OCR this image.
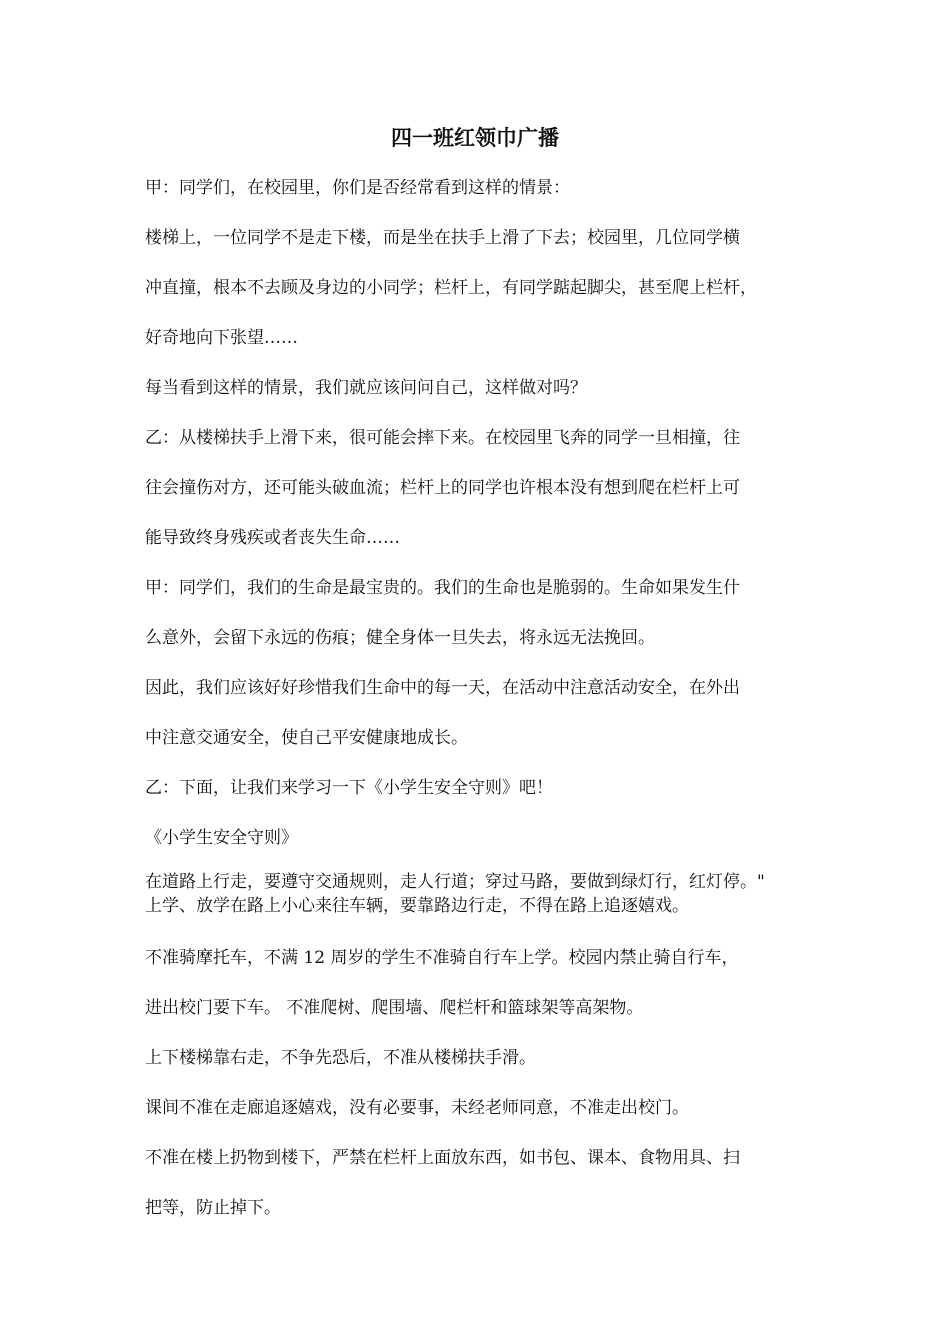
四一班红领巾广播
甲：同学们，在校园里，你们是否经常看到这样的情景：
楼梯上，一位同学不是走下楼，而是坐在扶手上滑了下去；校园里，几位同学横
冲直撞，根本不去顾及身边的小同学；栏杆上，有同学踮起脚尖，甚至爬上栏杆，
好奇地向下张望……
每当看到这样的情景，我们就应该问问自己，这样做对吗？
乙：从楼梯扶手上滑下来，很可能会摔下来。在校园里飞奔的同学一旦相撞，往
往会撞伤对方，还可能头破血流；栏杆上的同学也许根本没有想到爬在栏杆上可
能导致终身残疾或者丧失生命……
甲：同学们，我们的生命是最宝贵的。我们的生命也是脆弱的。生命如果发生什
么意外，会留下永远的伤痕；健全身体一旦失去，将永远无法挽回。
因此，我们应该好好珍惜我们生命中的每一天，在活动中注意活动安全，在外出
中注意交通安全，使自己平安健康地成长。
乙：下面，让我们来学习一下《小学生安全守则》吧！
《小学生安全守则》
在道路上行走，要遵守交通规则，走人行道；穿过马路，要做到绿灯行，红灯停。"
上学、放学在路上小心来往车辆，要靠路边行走，不得在路上追逐嬉戏。
不准骑摩托车，不满 12 周岁的学生不准骑自行车上学。校园内禁止骑自行车，
进出校门要下车。 不准爬树、爬围墙、爬栏杆和篮球架等高架物。
上下楼梯靠右走，不争先恐后，不准从楼梯扶手滑。
课间不准在走廊追逐嬉戏，没有必要事，未经老师同意，不准走出校门。
不准在楼上扔物到楼下，严禁在栏杆上面放东西，如书包、课本、食物用具、扫
把等，防止掉下。
